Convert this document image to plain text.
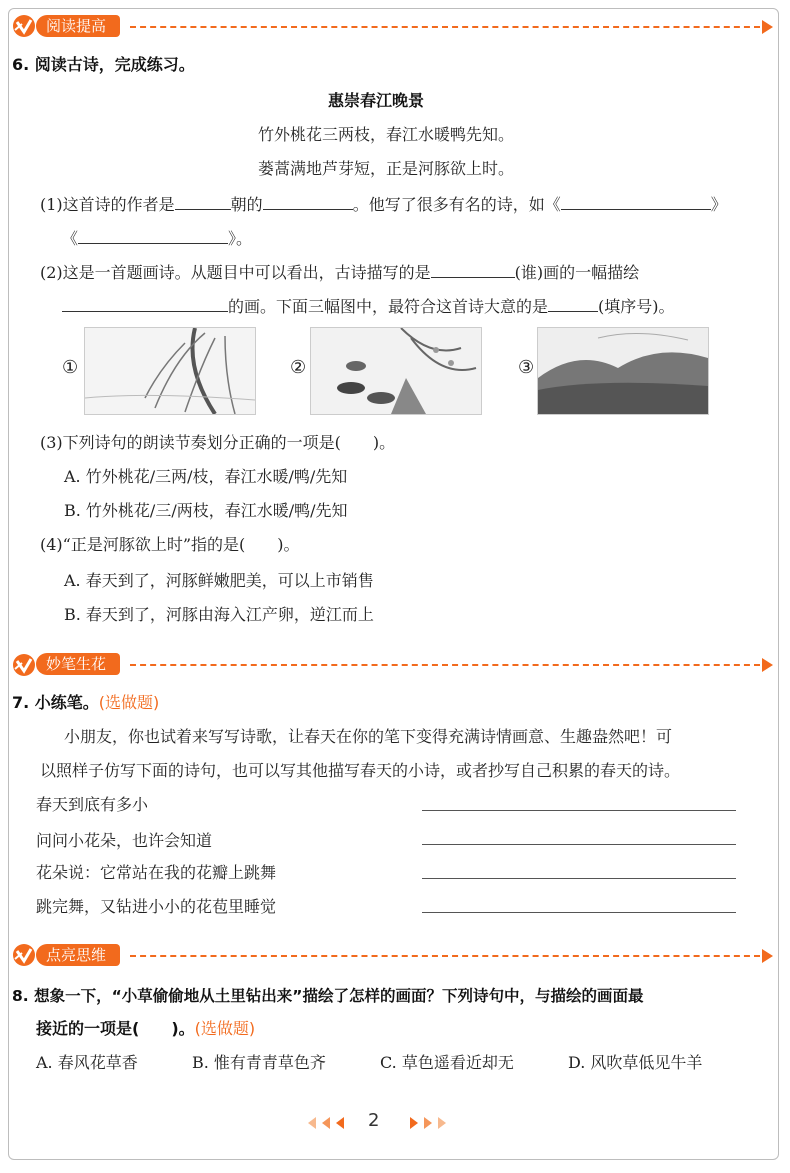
阅读提高
6. 阅读古诗，完成练习。
惠崇春江晚景
竹外桃花三两枝，春江水暖鸭先知。
蒌蒿满地芦芽短，正是河豚欲上时。
(1)这首诗的作者是	朝的	。他写了很多有名的诗，如《	》
《	》。
(2)这是一首题画诗。从题目中可以看出，古诗描写的是	(谁)画的一幅描绘
的画。下面三幅图中，最符合这首诗大意的是	(填序号)。
①	②	③
(3)下列诗句的朗读节奏划分正确的一项是(　　)。
A. 竹外桃花/三两/枝，春江水暖/鸭/先知
B. 竹外桃花/三/两枝，春江水暖/鸭/先知
(4)“正是河豚欲上时”指的是(　　)。
A. 春天到了，河豚鲜嫩肥美，可以上市销售
B. 春天到了，河豚由海入江产卵，逆江而上
妙笔生花
7. 小练笔。(选做题)
小朋友，你也试着来写写诗歌，让春天在你的笔下变得充满诗情画意、生趣盎然吧！可
以照样子仿写下面的诗句，也可以写其他描写春天的小诗，或者抄写自己积累的春天的诗。
春天到底有多小
问问小花朵，也许会知道
花朵说：它常站在我的花瓣上跳舞
跳完舞，又钻进小小的花苞里睡觉
点亮思维
8. 想象一下，“小草偷偷地从土里钻出来”描绘了怎样的画面？下列诗句中，与描绘的画面最
接近的一项是(　　)。(选做题)
A. 春风花草香	B. 惟有青青草色齐	C. 草色遥看近却无	D. 风吹草低见牛羊
2
